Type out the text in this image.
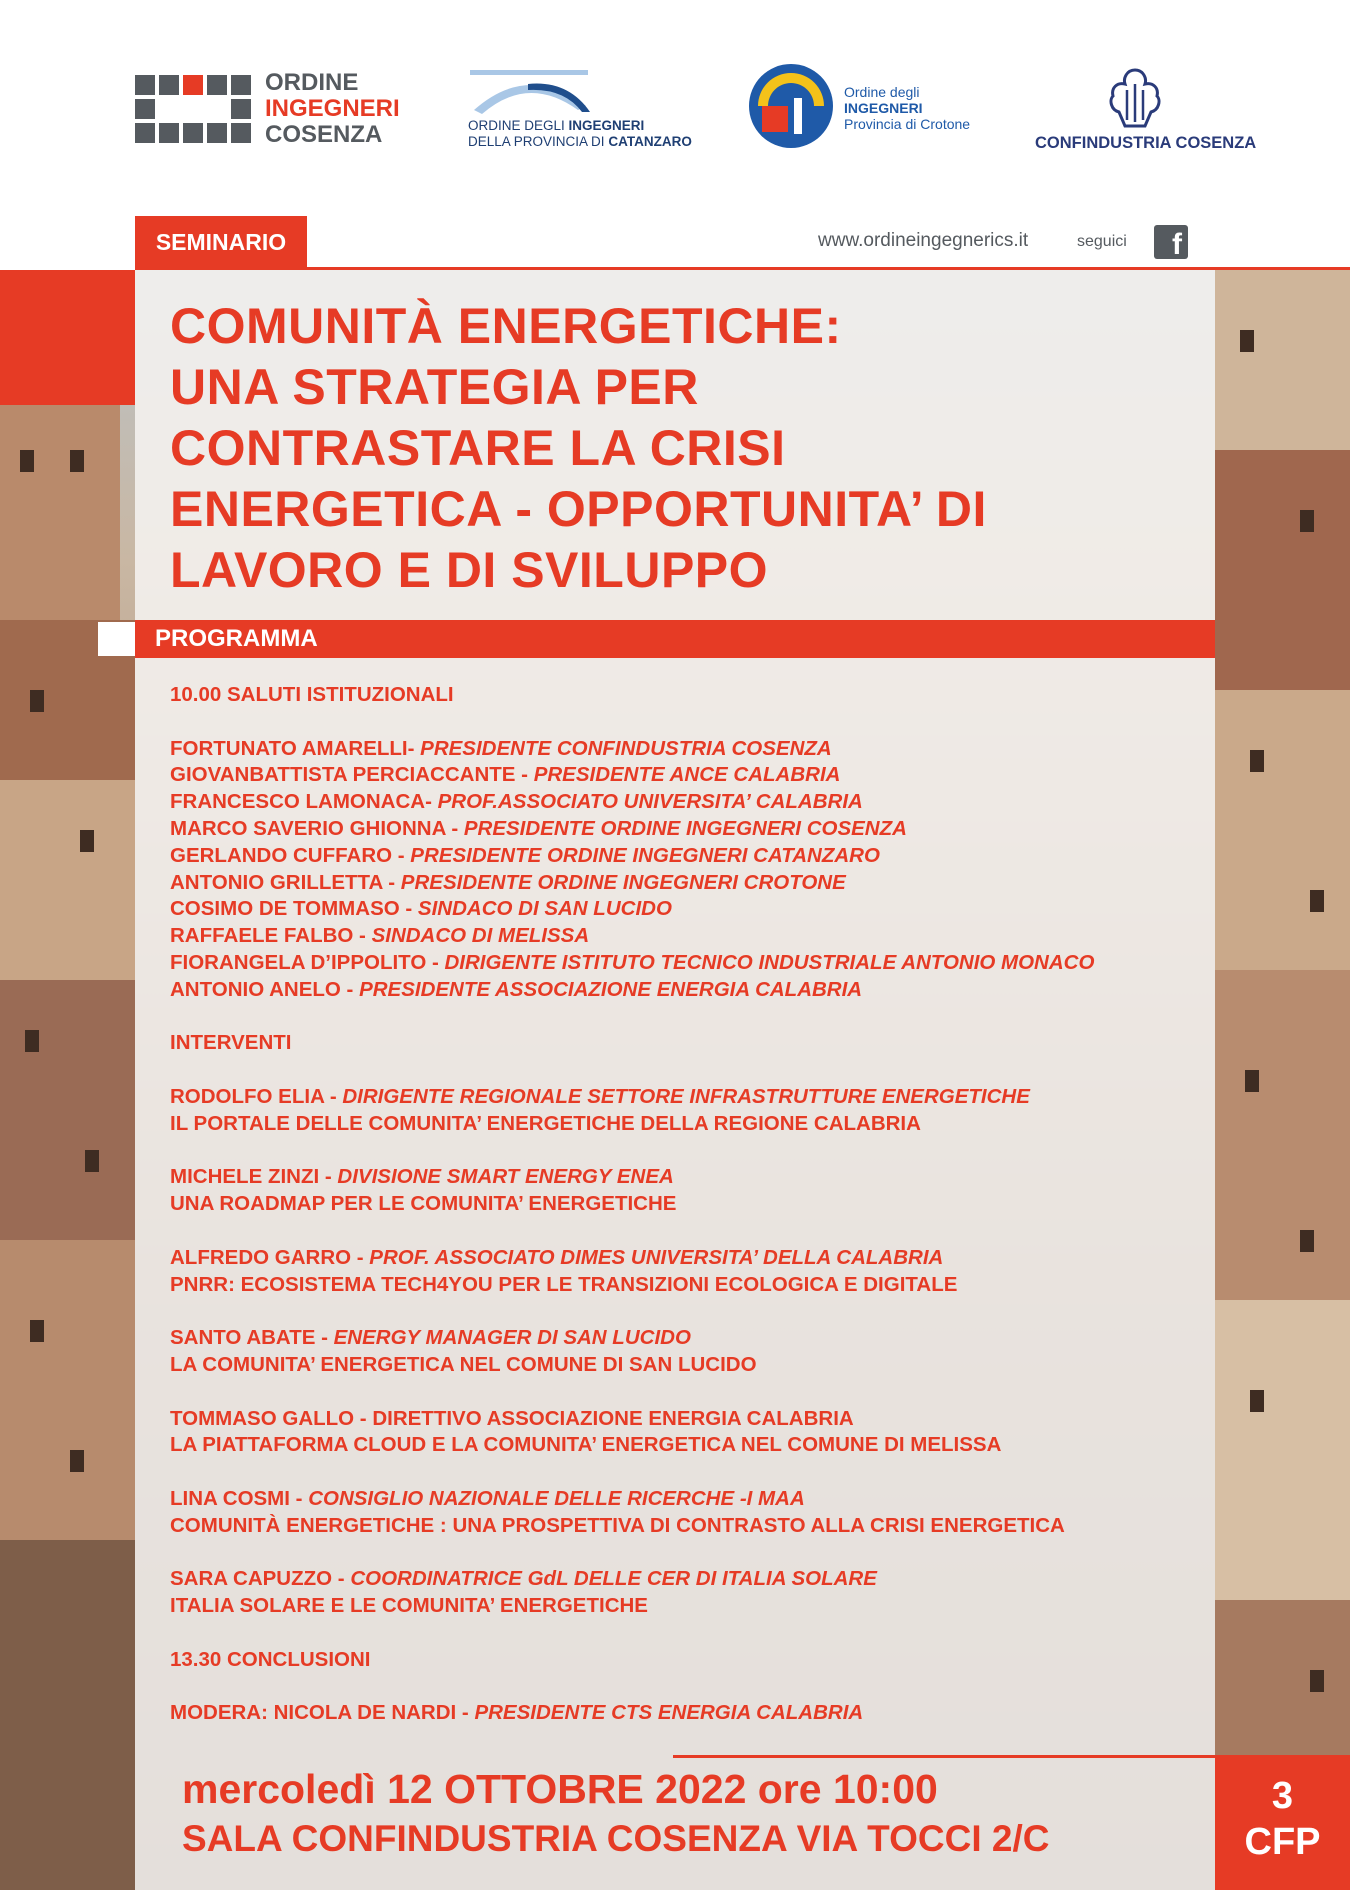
ORDINE
INGEGNERI
COSENZA	ORDINE DEGLI INGEGNERI
DELLA PROVINCIA DI CATANZARO
Ordine degli
INGEGNERI
Provincia di Crotone
CONFINDUSTRIA COSENZA
SEMINARIO	www.ordineingegnerics.it	seguici	f
COMUNITÀ ENERGETICHE:
UNA STRATEGIA PER
CONTRASTARE LA CRISI
ENERGETICA - OPPORTUNITA’ DI
LAVORO E DI SVILUPPO
PROGRAMMA
10.00 SALUTI ISTITUZIONALI
FORTUNATO AMARELLI- PRESIDENTE CONFINDUSTRIA COSENZA
GIOVANBATTISTA PERCIACCANTE - PRESIDENTE ANCE CALABRIA
FRANCESCO LAMONACA- PROF.ASSOCIATO UNIVERSITA’ CALABRIA
MARCO SAVERIO GHIONNA - PRESIDENTE ORDINE INGEGNERI COSENZA
GERLANDO CUFFARO - PRESIDENTE ORDINE INGEGNERI CATANZARO
ANTONIO GRILLETTA - PRESIDENTE ORDINE INGEGNERI CROTONE
COSIMO DE TOMMASO - SINDACO DI SAN LUCIDO
RAFFAELE FALBO - SINDACO DI MELISSA
FIORANGELA D’IPPOLITO - DIRIGENTE ISTITUTO TECNICO INDUSTRIALE ANTONIO MONACO
ANTONIO ANELO - PRESIDENTE ASSOCIAZIONE ENERGIA CALABRIA
INTERVENTI
RODOLFO ELIA - DIRIGENTE REGIONALE SETTORE INFRASTRUTTURE ENERGETICHE
IL PORTALE DELLE COMUNITA’ ENERGETICHE DELLA REGIONE CALABRIA
MICHELE ZINZI - DIVISIONE SMART ENERGY ENEA
UNA ROADMAP PER LE COMUNITA’ ENERGETICHE
ALFREDO GARRO - PROF. ASSOCIATO DIMES UNIVERSITA’ DELLA CALABRIA
PNRR: ECOSISTEMA TECH4YOU PER LE TRANSIZIONI ECOLOGICA E DIGITALE
SANTO ABATE - ENERGY MANAGER DI SAN LUCIDO
LA COMUNITA’ ENERGETICA NEL COMUNE DI SAN LUCIDO
TOMMASO GALLO - DIRETTIVO ASSOCIAZIONE ENERGIA CALABRIA
LA PIATTAFORMA CLOUD E LA COMUNITA’ ENERGETICA NEL COMUNE DI MELISSA
LINA COSMI - CONSIGLIO NAZIONALE DELLE RICERCHE -I MAA
COMUNITÀ ENERGETICHE : UNA PROSPETTIVA DI CONTRASTO ALLA CRISI ENERGETICA
SARA CAPUZZO - COORDINATRICE GdL DELLE CER DI ITALIA SOLARE
ITALIA SOLARE E LE COMUNITA’ ENERGETICHE
13.30 CONCLUSIONI
MODERA: NICOLA DE NARDI - PRESIDENTE CTS ENERGIA CALABRIA
mercoledì 12 OTTOBRE 2022 ore 10:00
SALA CONFINDUSTRIA COSENZA VIA TOCCI 2/C
3
CFP
